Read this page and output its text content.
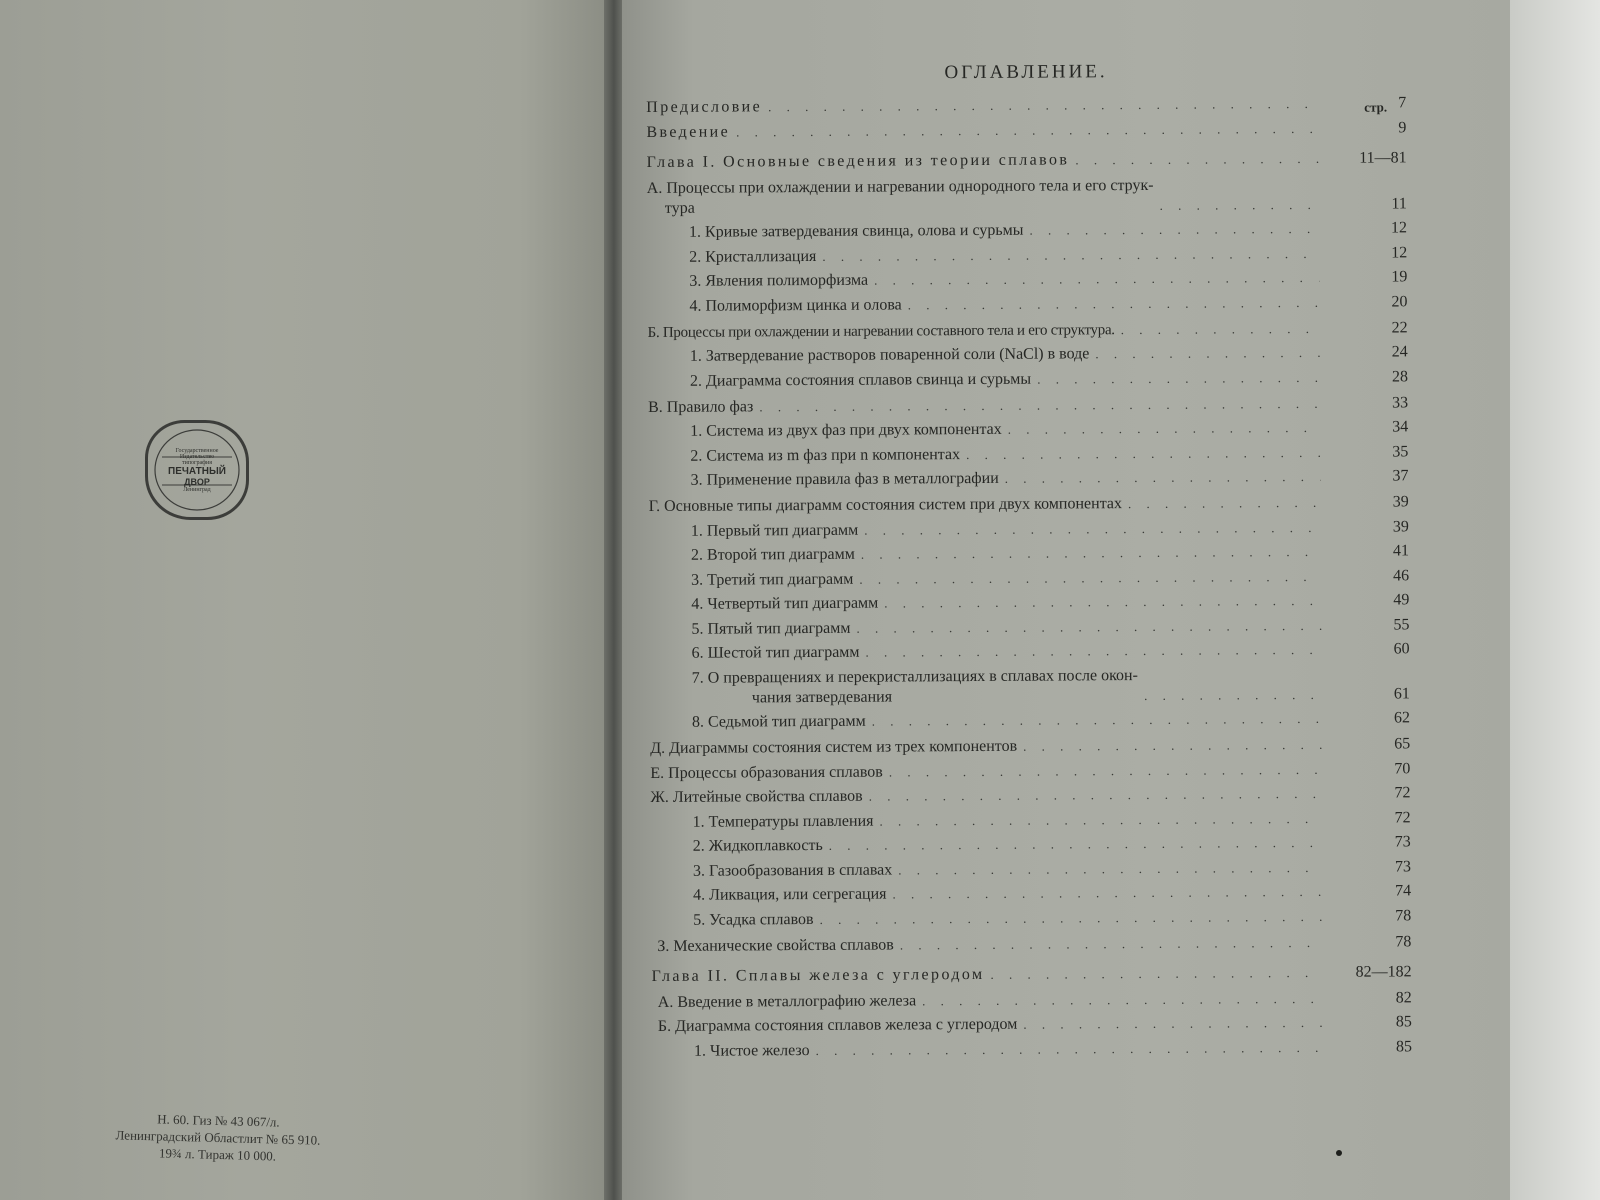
Государственное
Издательство
типография
ПЕЧАТНЫЙ
ДВОР
Ленинград
Н. 60. Гиз № 43 067/л.
Ленинградский Областлит № 65 910.
19¾ л. Тираж 10 000.
ОГЛАВЛЕНИЕ.
стр.
Предисловие . . .	7
Введение . . .	9
Глава I. Основные сведения из теории сплавов . . .	11—81
А. Процессы при охлаждении и нагревании однородного тела и его струк-
тура . . .	11
1. Кривые затвердевания свинца, олова и сурьмы . . .	12
2. Кристаллизация . . .	12
3. Явления полиморфизма . . .	19
4. Полиморфизм цинка и олова . . .	20
Б. Процессы при охлаждении и нагревании составного тела и его структура. . . .	22
1. Затвердевание растворов поваренной соли (NaCl) в воде . . .	24
2. Диаграмма состояния сплавов свинца и сурьмы . . .	28
В. Правило фаз . . .	33
1. Система из двух фаз при двух компонентах . . .	34
2. Система из m фаз при n компонентах . . .	35
3. Применение правила фаз в металлографии . . .	37
Г. Основные типы диаграмм состояния систем при двух компонентах . . .	39
1. Первый тип диаграмм . . .	39
2. Второй тип диаграмм . . .	41
3. Третий тип диаграмм . . .	46
4. Четвертый тип диаграмм . . .	49
5. Пятый тип диаграмм . . .	55
6. Шестой тип диаграмм . . .	60
7. О превращениях и перекристаллизациях в сплавах после окон-
чания затвердевания . . .	61
8. Седьмой тип диаграмм . . .	62
Д. Диаграммы состояния систем из трех компонентов . . .	65
Е. Процессы образования сплавов . . .	70
Ж. Литейные свойства сплавов . . .	72
1. Температуры плавления . . .	72
2. Жидкоплавкость . . .	73
3. Газообразования в сплавах . . .	73
4. Ликвация, или сегрегация . . .	74
5. Усадка сплавов . . .	78
З. Механические свойства сплавов . . .	78
Глава II. Сплавы железа с углеродом . . .	82—182
А. Введение в металлографию железа . . .	82
Б. Диаграмма состояния сплавов железа с углеродом . . .	85
1. Чистое железо . . .	85
